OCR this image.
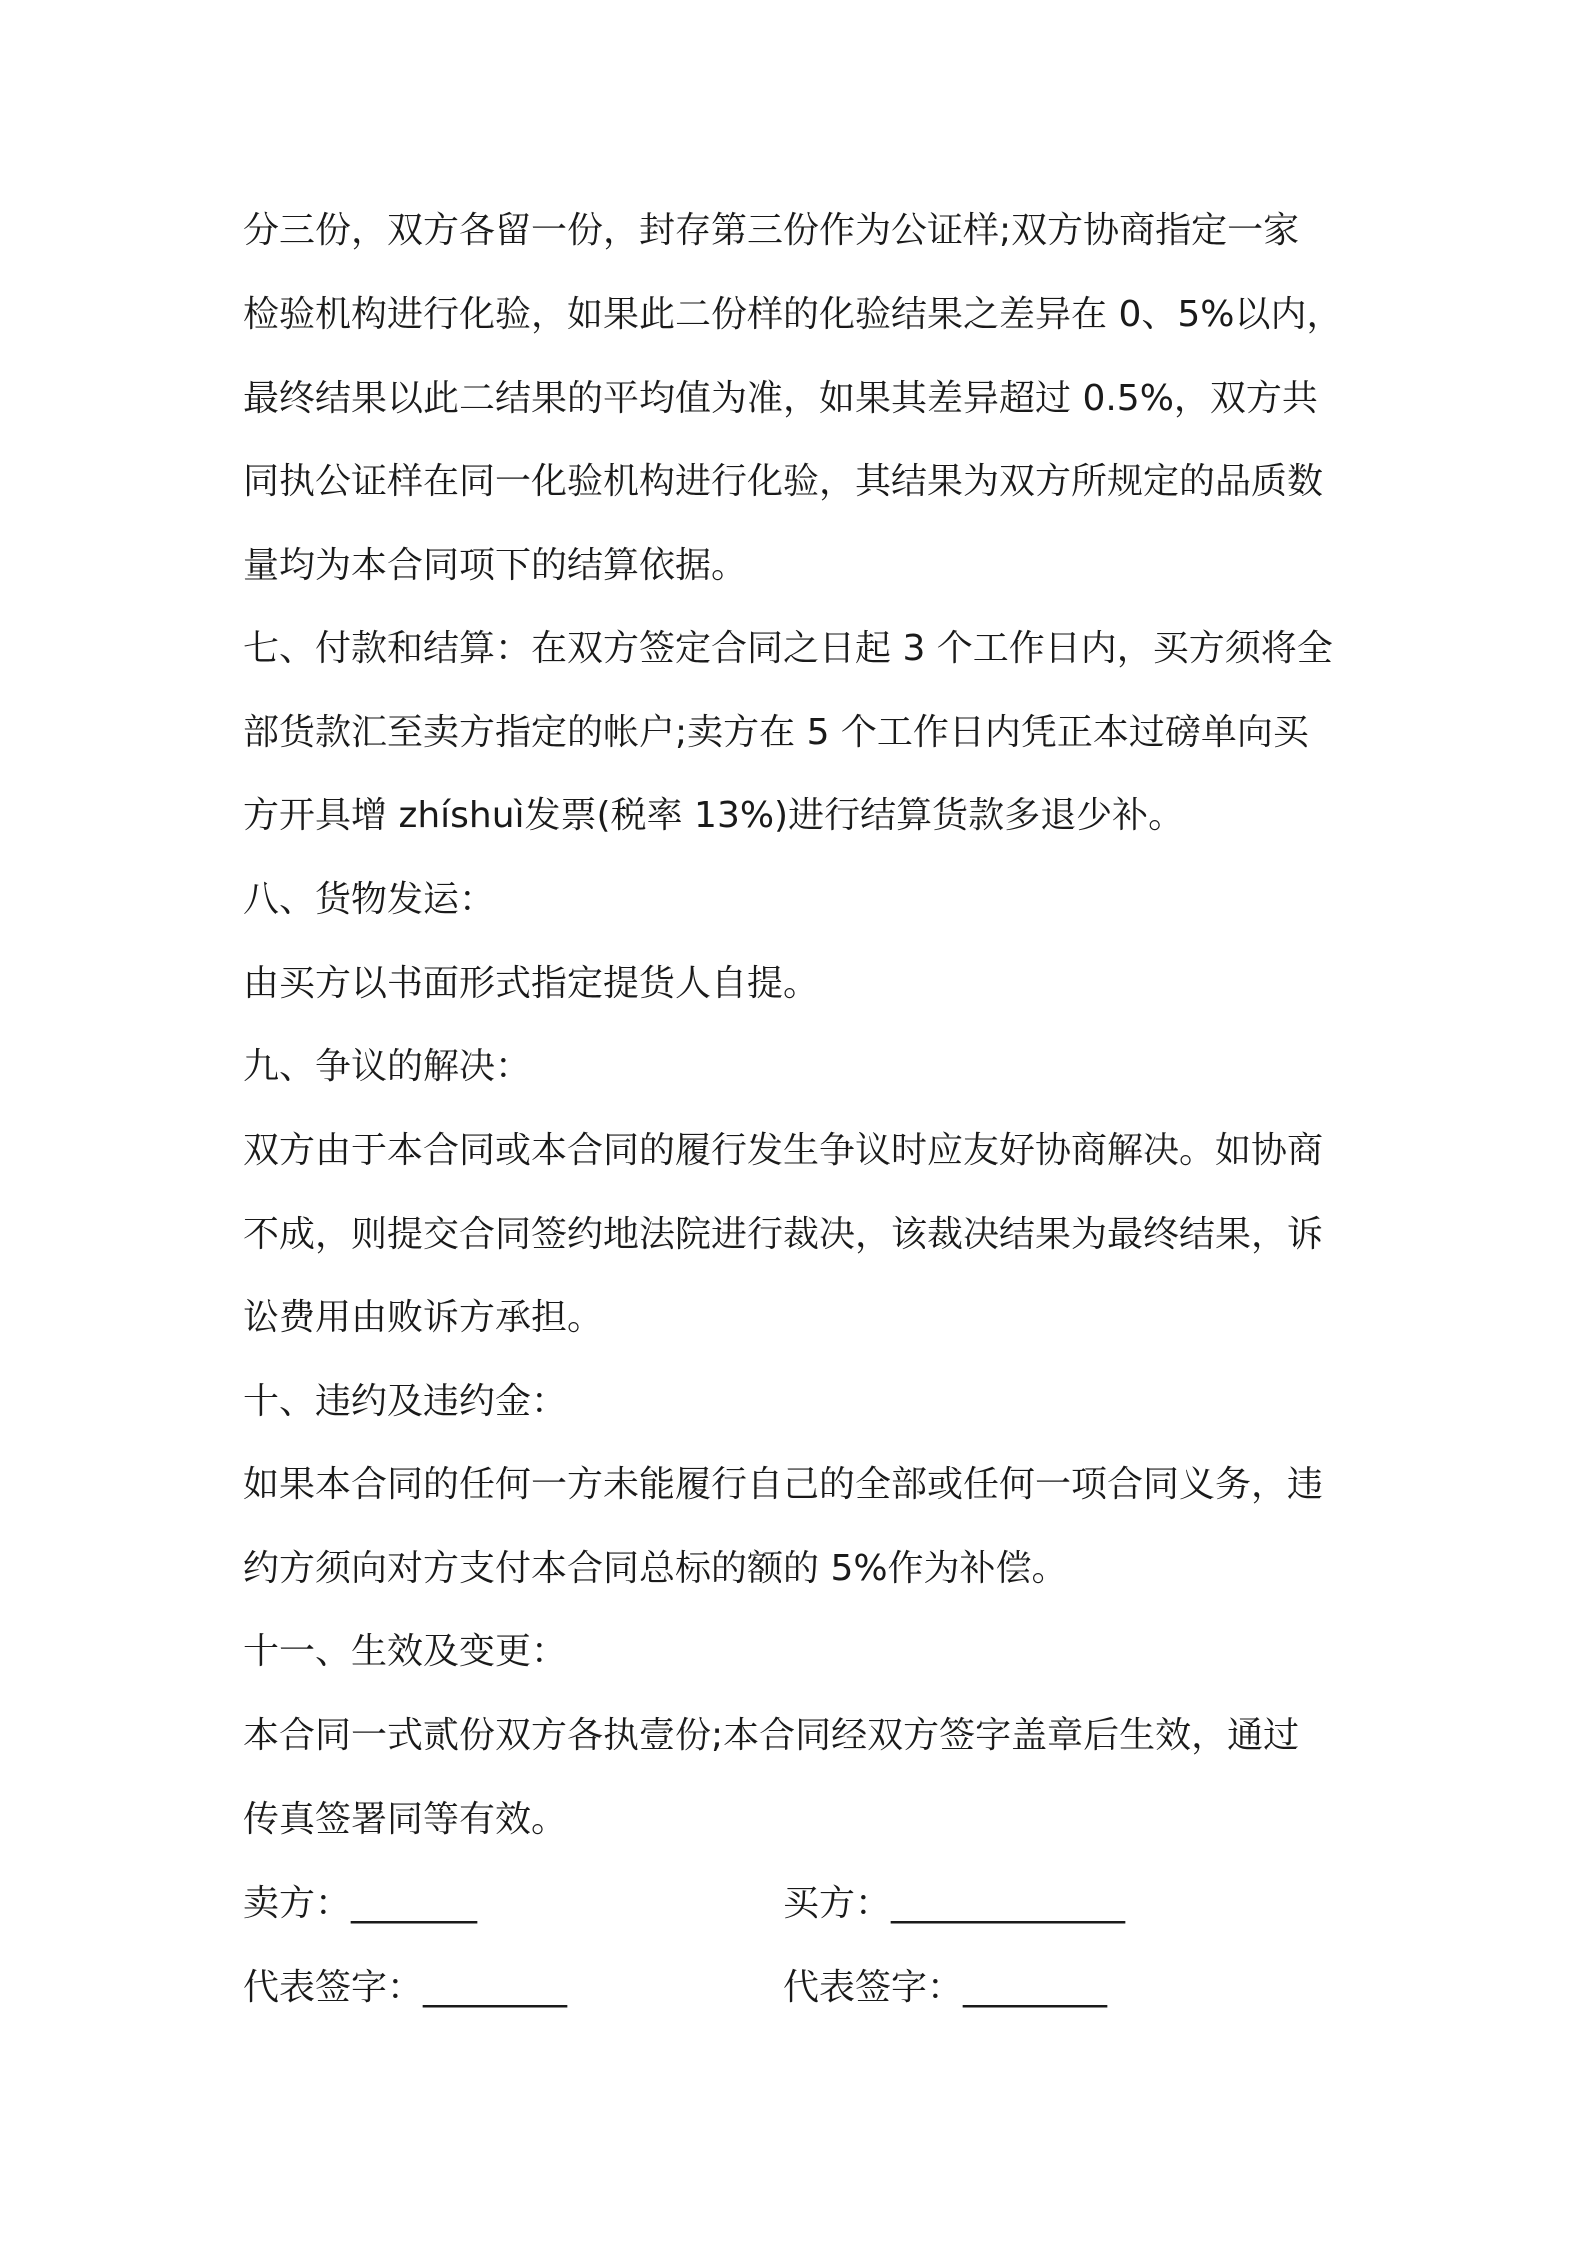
分三份，双方各留一份，封存第三份作为公证样;双方协商指定一家
检验机构进行化验，如果此二份样的化验结果之差异在 0、5%以内，
最终结果以此二结果的平均值为准，如果其差异超过 0.5%，双方共
同执公证样在同一化验机构进行化验，其结果为双方所规定的品质数
量均为本合同项下的结算依据。
七、付款和结算：在双方签定合同之日起 3 个工作日内，买方须将全
部货款汇至卖方指定的帐户;卖方在 5 个工作日内凭正本过磅单向买
方开具增 zhíshuì发票(税率 13%)进行结算货款多退少补。
八、货物发运：
由买方以书面形式指定提货人自提。
九、争议的解决：
双方由于本合同或本合同的履行发生争议时应友好协商解决。如协商
不成，则提交合同签约地法院进行裁决，该裁决结果为最终结果，诉
讼费用由败诉方承担。
十、违约及违约金：
如果本合同的任何一方未能履行自己的全部或任何一项合同义务，违
约方须向对方支付本合同总标的额的 5%作为补偿。
十一、生效及变更：
本合同一式贰份双方各执壹份;本合同经双方签字盖章后生效，通过
传真签署同等有效。
卖方：_______	买方：_____________
代表签字：________	代表签字：________
